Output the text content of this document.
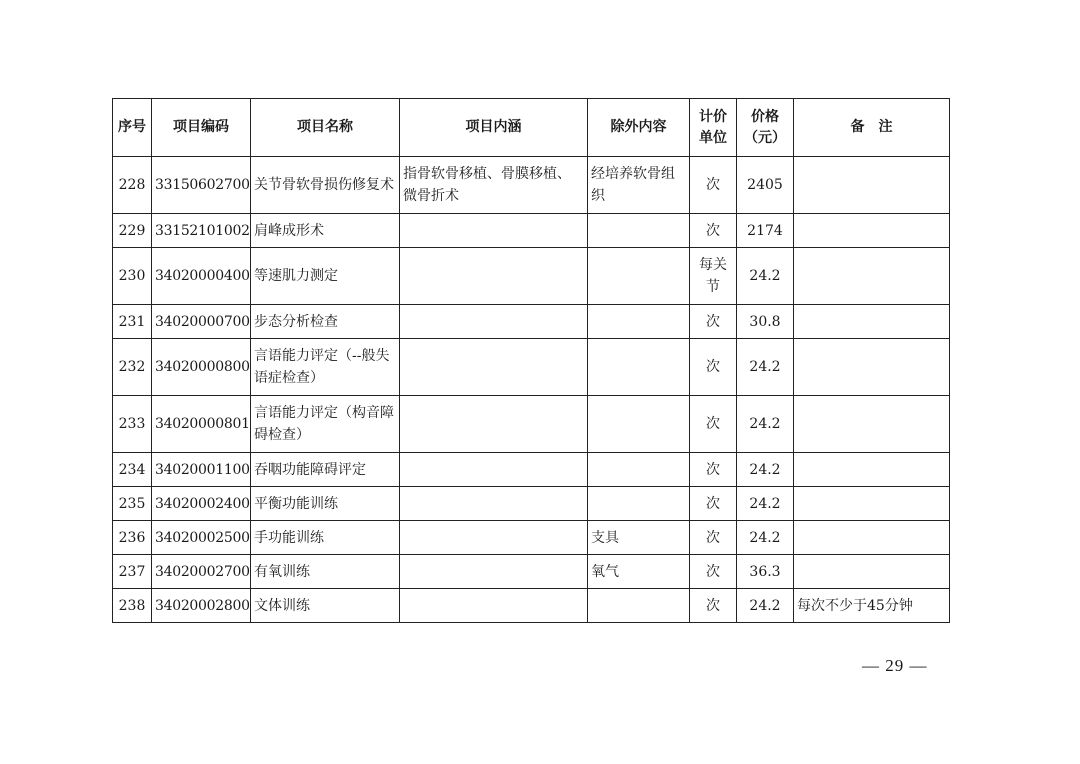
序号	项目编码	项目名称	项目内涵	除外内容	计价单位	价格（元）	备　注
228	33150602700	关节骨软骨损伤修复术	指骨软骨移植、骨膜移植、微骨折术	经培养软骨组织	次	2405	
229	33152101002	肩峰成形术			次	2174	
230	34020000400	等速肌力测定			每关节	24.2	
231	34020000700	步态分析检查			次	30.8	
232	34020000800	言语能力评定（--般失语症检查）			次	24.2	
233	34020000801	言语能力评定（构音障碍检查）			次	24.2	
234	34020001100	吞咽功能障碍评定			次	24.2	
235	34020002400	平衡功能训练			次	24.2	
236	34020002500	手功能训练		支具	次	24.2	
237	34020002700	有氧训练		氧气	次	36.3	
238	34020002800	文体训练			次	24.2	每次不少于45分钟
— 29 —
